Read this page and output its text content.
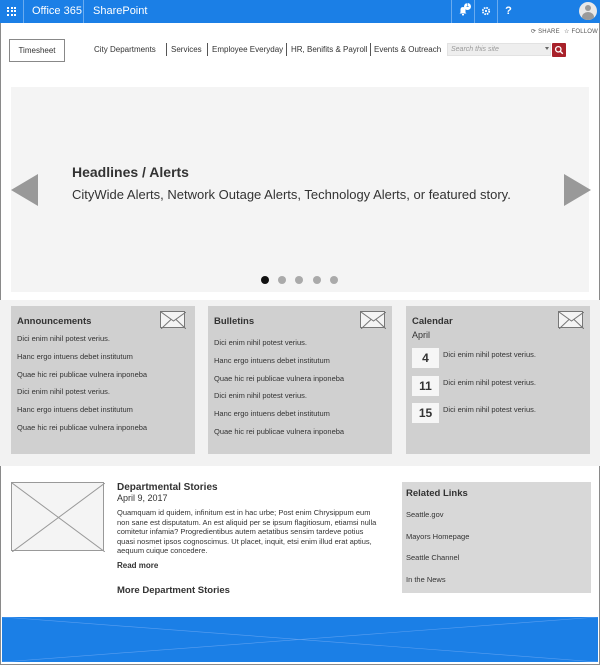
Office 365	SharePoint	1	?
⟳ SHARE ☆ FOLLOW
Timesheet	City Departments Services Employee Everyday HR, Benifits & Payroll Events & Outreach	Search this site
Headlines / Alerts
CityWide Alerts, Network Outage Alerts, Technology Alerts, or featured story.
Announcements
Dici enim nihil potest verius.
Hanc ergo intuens debet institutum
Quae hic rei publicae vulnera inponeba
Dici enim nihil potest verius.
Hanc ergo intuens debet institutum
Quae hic rei publicae vulnera inponeba
Bulletins
Dici enim nihil potest verius.
Hanc ergo intuens debet institutum
Quae hic rei publicae vulnera inponeba
Dici enim nihil potest verius.
Hanc ergo intuens debet institutum
Quae hic rei publicae vulnera inponeba
Calendar
April
4	Dici enim nihil potest verius.
11	Dici enim nihil potest verius.
15	Dici enim nihil potest verius.
Departmental Stories
April 9, 2017
Quamquam id quidem, infinitum est in hac urbe; Post enim Chrysippum eum non sane est disputatum. An est aliquid per se ipsum flagitiosum, etiamsi nulla comitetur infamia? Progredientibus autem aetatibus sensim tardeve potius quasi nosmet ipsos cognoscimus. Ut placet, inquit, etsi enim illud erat aptius, aequum cuique concedere.
Read more
More Department Stories
Related Links
Seattle.gov
Mayors Homepage
Seattle Channel
In the News
